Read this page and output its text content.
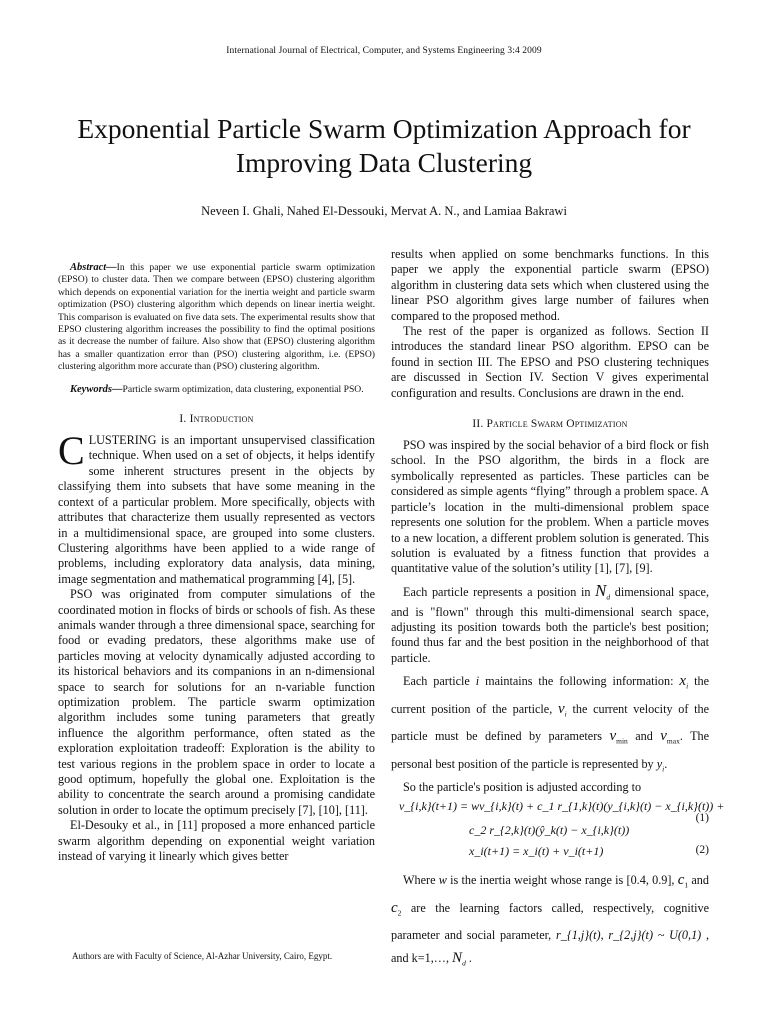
International Journal of Electrical, Computer, and Systems Engineering 3:4 2009
Exponential Particle Swarm Optimization Approach for Improving Data Clustering
Neveen I. Ghali, Nahed El-Dessouki, Mervat A. N., and Lamiaa Bakrawi

Abstract—In this paper we use exponential particle swarm optimization (EPSO) to cluster data. Then we compare between (EPSO) clustering algorithm which depends on exponential variation for the inertia weight and particle swarm optimization (PSO) clustering algorithm which depends on linear inertia weight. This comparison is evaluated on five data sets. The experimental results show that EPSO clustering algorithm increases the possibility to find the optimal positions as it decrease the number of failure. Also show that (EPSO) clustering algorithm has a smaller quantization error than (PSO) clustering algorithm, i.e. (EPSO) clustering algorithm more accurate than (PSO) clustering algorithm.

Keywords—Particle swarm optimization, data clustering, exponential PSO.

I. Introduction

CLUSTERING is an important unsupervised classification technique. When used on a set of objects, it helps identify some inherent structures present in the objects by classifying them into subsets that have some meaning in the context of a particular problem. More specifically, objects with attributes that characterize them usually represented as vectors in a multidimensional space, are grouped into some clusters. Clustering algorithms have been applied to a wide range of problems, including exploratory data analysis, data mining, image segmentation and mathematical programming [4], [5].

PSO was originated from computer simulations of the coordinated motion in flocks of birds or schools of fish. As these animals wander through a three dimensional space, searching for food or evading predators, these algorithms make use of particles moving at velocity dynamically adjusted according to its historical behaviors and its companions in an n-dimensional space to search for solutions for an n-variable function optimization problem. The particle swarm optimization algorithm includes some tuning parameters that greatly influence the algorithm performance, often stated as the exploration exploitation tradeoff: Exploration is the ability to test various regions in the problem space in order to locate a good optimum, hopefully the global one. Exploitation is the ability to concentrate the search around a promising candidate solution in order to locate the optimum precisely [7], [10], [11].

El-Desouky et al., in [11] proposed a more enhanced particle swarm algorithm depending on exponential weight variation instead of varying it linearly which gives better

results when applied on some benchmarks functions. In this paper we apply the exponential particle swarm (EPSO) algorithm in clustering data sets which when clustered using the linear PSO algorithm gives large number of failures when compared to the proposed method.

The rest of the paper is organized as follows. Section II introduces the standard linear PSO algorithm. EPSO can be found in section III. The EPSO and PSO clustering techniques are discussed in Section IV. Section V gives experimental configuration and results. Conclusions are drawn in the end.

II. Particle Swarm Optimization

PSO was inspired by the social behavior of a bird flock or fish school. In the PSO algorithm, the birds in a flock are symbolically represented as particles. These particles can be considered as simple agents “flying” through a problem space. A particle’s location in the multi-dimensional problem space represents one solution for the problem. When a particle moves to a new location, a different problem solution is generated. This solution is evaluated by a fitness function that provides a quantitative value of the solution’s utility [1], [7], [9].

Each particle represents a position in $N_d$ dimensional space, and is "flown" through this multi-dimensional search space, adjusting its position towards both the particle's best position; found thus far and the best position in the neighborhood of that particle.

Each particle i maintains the following information: $x_i$ the current position of the particle, $v_i$ the current velocity of the particle must be defined by parameters $v_{min}$ and $v_{max}$. The personal best position of the particle is represented by $y_i$.

So the particle's position is adjusted according to

v_{i,k}(t+1) = wv_{i,k}(t) + c_1 r_{1,k}(t)(y_{i,k}(t) − x_{i,k}(t)) +
c_2 r_{2,k}(t)(ŷ_k(t) − x_{i,k}(t))
(1)
x_i(t+1) = x_i(t) + v_i(t+1)	(2)

Where w is the inertia weight whose range is [0.4, 0.9], $c_1$ and $c_2$ are the learning factors called, respectively, cognitive parameter and social parameter, r_{1,j}(t), r_{2,j}(t) ~ U(0,1) , and k=1,…, $N_d$ .

Authors are with Faculty of Science, Al-Azhar University, Cairo, Egypt.
